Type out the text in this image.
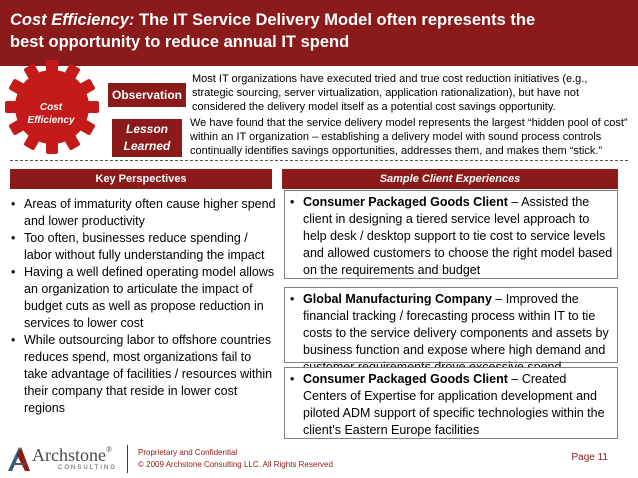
Cost Efficiency: The IT Service Delivery Model often represents the
best opportunity to reduce annual IT spend
Cost
Efficiency
Observation
Most IT organizations have executed tried and true cost reduction initiatives (e.g., strategic sourcing, server virtualization, application rationalization), but have not considered the delivery model itself as a potential cost savings opportunity.
Lesson
Learned
We have found that the service delivery model represents the largest “hidden pool of cost” within an IT organization – establishing a delivery model with sound process controls continually identifies savings opportunities, addresses them, and makes them “stick.”
Key Perspectives	Sample Client Experiences
• Areas of immaturity often cause higher spend and lower productivity
• Too often, businesses reduce spending / labor without fully understanding the impact
• Having a well defined operating model allows an organization to articulate the impact of budget cuts as well as propose reduction in services to lower cost
• While outsourcing labor to offshore countries reduces spend, most organizations fail to take advantage of facilities / resources within their company that reside in lower cost regions
• Consumer Packaged Goods Client – Assisted the client in designing a tiered service level approach to help desk / desktop support to tie cost to service levels and allowed customers to choose the right model based on the requirements and budget
• Global Manufacturing Company – Improved the financial tracking / forecasting process within IT to tie costs to the service delivery components and assets by business function and expose where high demand and
• Consumer Packaged Goods Client – Created Centers of Expertise for application development and piloted ADM support of specific technologies within the client’s Eastern Europe facilities
Archstone®
CONSULTING
Proprietary and Confidential
© 2009 Archstone Consulting LLC. All Rights Reserved
Page 11
